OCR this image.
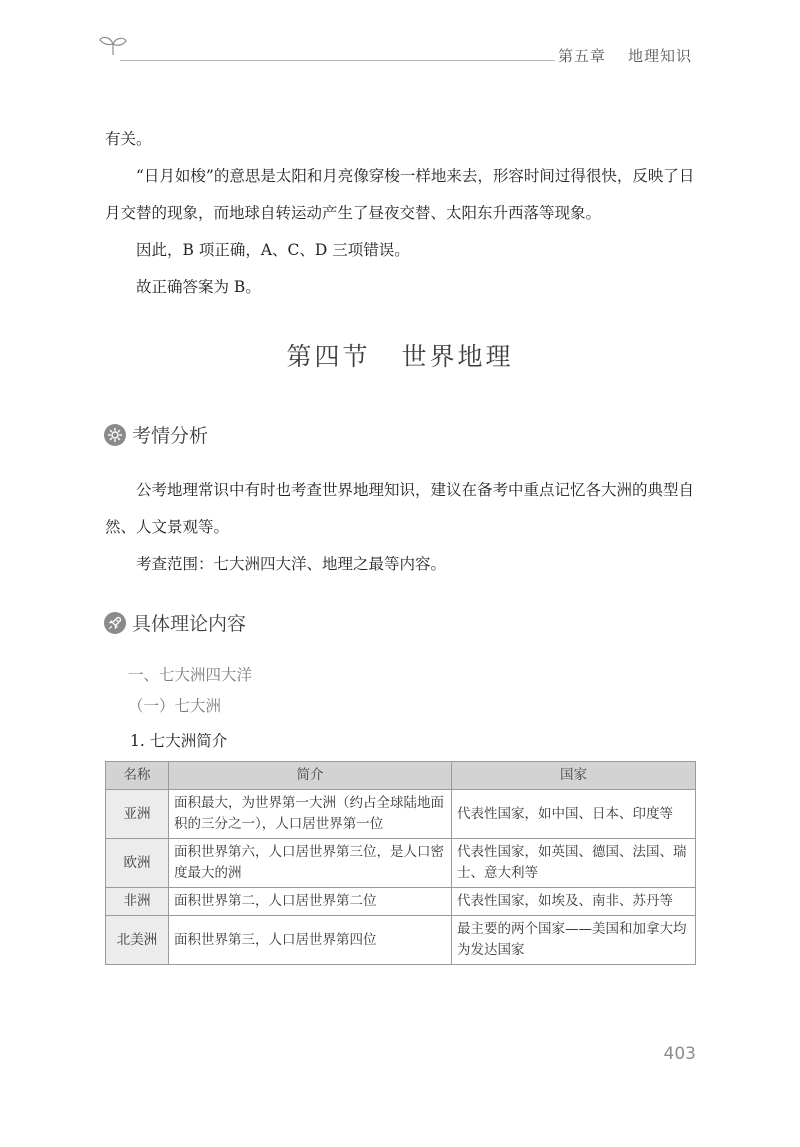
第五章 地理知识

有关。

“日月如梭”的意思是太阳和月亮像穿梭一样地来去，形容时间过得很快，反映了日月交替的现象，而地球自转运动产生了昼夜交替、太阳东升西落等现象。

因此，B 项正确，A、C、D 三项错误。

故正确答案为 B。

第四节 世界地理
考情分析

公考地理常识中有时也考查世界地理知识，建议在备考中重点记忆各大洲的典型自然、人文景观等。

考查范围：七大洲四大洋、地理之最等内容。

具体理论内容
一、七大洲四大洋
（一）七大洲
1. 七大洲简介
名称	简介	国家
亚洲	面积最大，为世界第一大洲（约占全球陆地面积的三分之一），人口居世界第一位	代表性国家，如中国、日本、印度等
欧洲	面积世界第六，人口居世界第三位，是人口密度最大的洲	代表性国家，如英国、德国、法国、瑞士、意大利等
非洲	面积世界第二，人口居世界第二位	代表性国家，如埃及、南非、苏丹等
北美洲	面积世界第三，人口居世界第四位	最主要的两个国家——美国和加拿大均为发达国家
403
